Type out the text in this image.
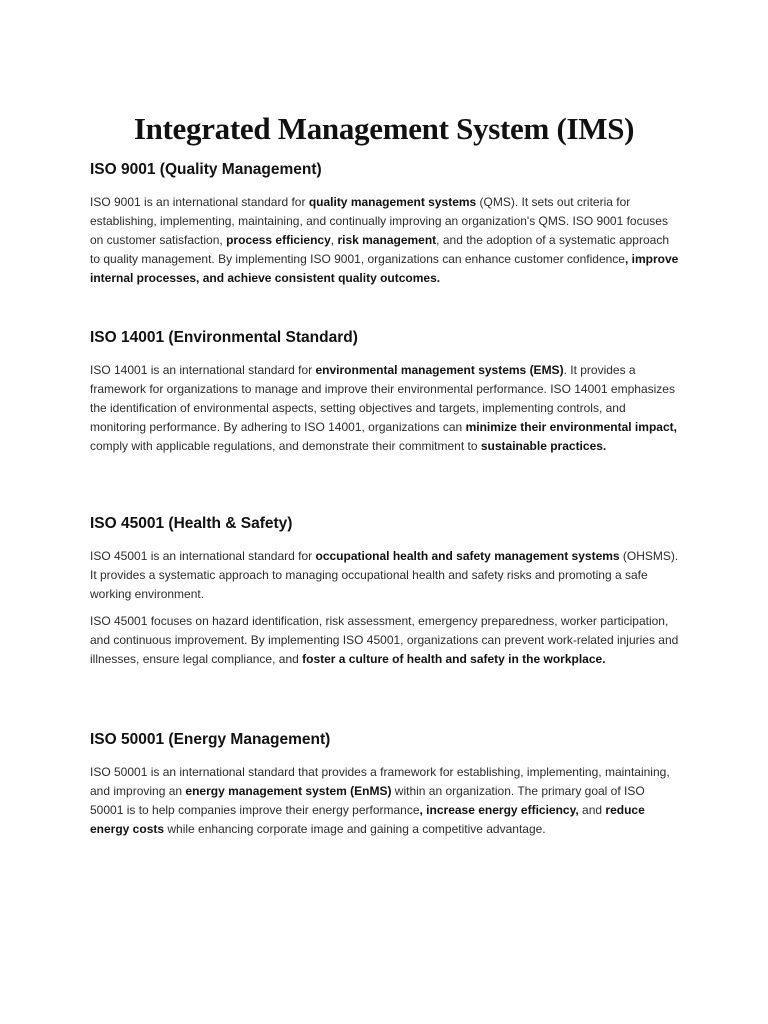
Integrated Management System (IMS)
ISO 9001 (Quality Management)

ISO 9001 is an international standard for quality management systems (QMS). It sets out criteria for establishing, implementing, maintaining, and continually improving an organization's QMS. ISO 9001 focuses on customer satisfaction, process efficiency, risk management, and the adoption of a systematic approach to quality management. By implementing ISO 9001, organizations can enhance customer confidence, improve internal processes, and achieve consistent quality outcomes.

ISO 14001 (Environmental Standard)

ISO 14001 is an international standard for environmental management systems (EMS). It provides a framework for organizations to manage and improve their environmental performance. ISO 14001 emphasizes the identification of environmental aspects, setting objectives and targets, implementing controls, and monitoring performance. By adhering to ISO 14001, organizations can minimize their environmental impact, comply with applicable regulations, and demonstrate their commitment to sustainable practices.

ISO 45001 (Health & Safety)

ISO 45001 is an international standard for occupational health and safety management systems (OHSMS). It provides a systematic approach to managing occupational health and safety risks and promoting a safe working environment.

ISO 45001 focuses on hazard identification, risk assessment, emergency preparedness, worker participation, and continuous improvement. By implementing ISO 45001, organizations can prevent work-related injuries and illnesses, ensure legal compliance, and foster a culture of health and safety in the workplace.

ISO 50001 (Energy Management)

ISO 50001 is an international standard that provides a framework for establishing, implementing, maintaining, and improving an energy management system (EnMS) within an organization. The primary goal of ISO 50001 is to help companies improve their energy performance, increase energy efficiency, and reduce energy costs while enhancing corporate image and gaining a competitive advantage.
